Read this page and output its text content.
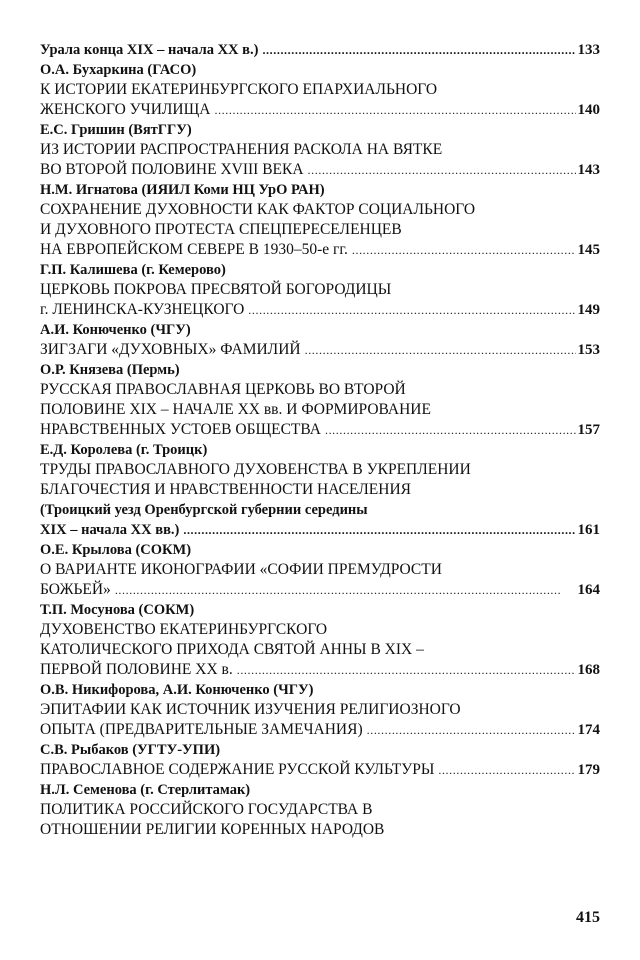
Урала конца XIX – начала XX в.) . . .	133
О.А. Бухаркина (ГАСО)
К ИСТОРИИ ЕКАТЕРИНБУРГСКОГО ЕПАРХИАЛЬНОГО
ЖЕНСКОГО УЧИЛИЩА . . .	140
Е.С. Гришин (ВятГГУ)
ИЗ ИСТОРИИ РАСПРОСТРАНЕНИЯ РАСКОЛА НА ВЯТКЕ
ВО ВТОРОЙ ПОЛОВИНЕ XVIII ВЕКА . . .	143
Н.М. Игнатова (ИЯИЛ Коми НЦ УрО РАН)
СОХРАНЕНИЕ ДУХОВНОСТИ КАК ФАКТОР СОЦИАЛЬНОГО
И ДУХОВНОГО ПРОТЕСТА СПЕЦПЕРЕСЕЛЕНЦЕВ
НА ЕВРОПЕЙСКОМ СЕВЕРЕ В 1930–50-е гг. . . .	145
Г.П. Калишева (г. Кемерово)
ЦЕРКОВЬ ПОКРОВА ПРЕСВЯТОЙ БОГОРОДИЦЫ
г. ЛЕНИНСКА-КУЗНЕЦКОГО . . .	149
А.И. Конюченко (ЧГУ)
ЗИГЗАГИ «ДУХОВНЫХ» ФАМИЛИЙ . . .	153
О.Р. Князева (Пермь)
РУССКАЯ ПРАВОСЛАВНАЯ ЦЕРКОВЬ ВО ВТОРОЙ
ПОЛОВИНЕ XIX – НАЧАЛЕ XX вв. И ФОРМИРОВАНИЕ
НРАВСТВЕННЫХ УСТОЕВ ОБЩЕСТВА . . .	157
Е.Д. Королева (г. Троицк)
ТРУДЫ ПРАВОСЛАВНОГО ДУХОВЕНСТВА В УКРЕПЛЕНИИ
БЛАГОЧЕСТИЯ И НРАВСТВЕННОСТИ НАСЕЛЕНИЯ
(Троицкий уезд Оренбургской губернии середины
XIX – начала XX вв.) . . .	161
О.Е. Крылова (СОКМ)
О ВАРИАНТЕ ИКОНОГРАФИИ «СОФИИ ПРЕМУДРОСТИ
БОЖЬЕЙ» . . .	164
Т.П. Мосунова (СОКМ)
ДУХОВЕНСТВО ЕКАТЕРИНБУРГСКОГО
КАТОЛИЧЕСКОГО ПРИХОДА СВЯТОЙ АННЫ В XIX –
ПЕРВОЙ ПОЛОВИНЕ XX в. . . .	168
О.В. Никифорова, А.И. Конюченко (ЧГУ)
ЭПИТАФИИ КАК ИСТОЧНИК ИЗУЧЕНИЯ РЕЛИГИОЗНОГО
ОПЫТА (ПРЕДВАРИТЕЛЬНЫЕ ЗАМЕЧАНИЯ) . . .	174
С.В. Рыбаков (УГТУ-УПИ)
ПРАВОСЛАВНОЕ СОДЕРЖАНИЕ РУССКОЙ КУЛЬТУРЫ . . .	179
Н.Л. Семенова (г. Стерлитамак)
ПОЛИТИКА РОССИЙСКОГО ГОСУДАРСТВА В
ОТНОШЕНИИ РЕЛИГИИ КОРЕННЫХ НАРОДОВ
415
